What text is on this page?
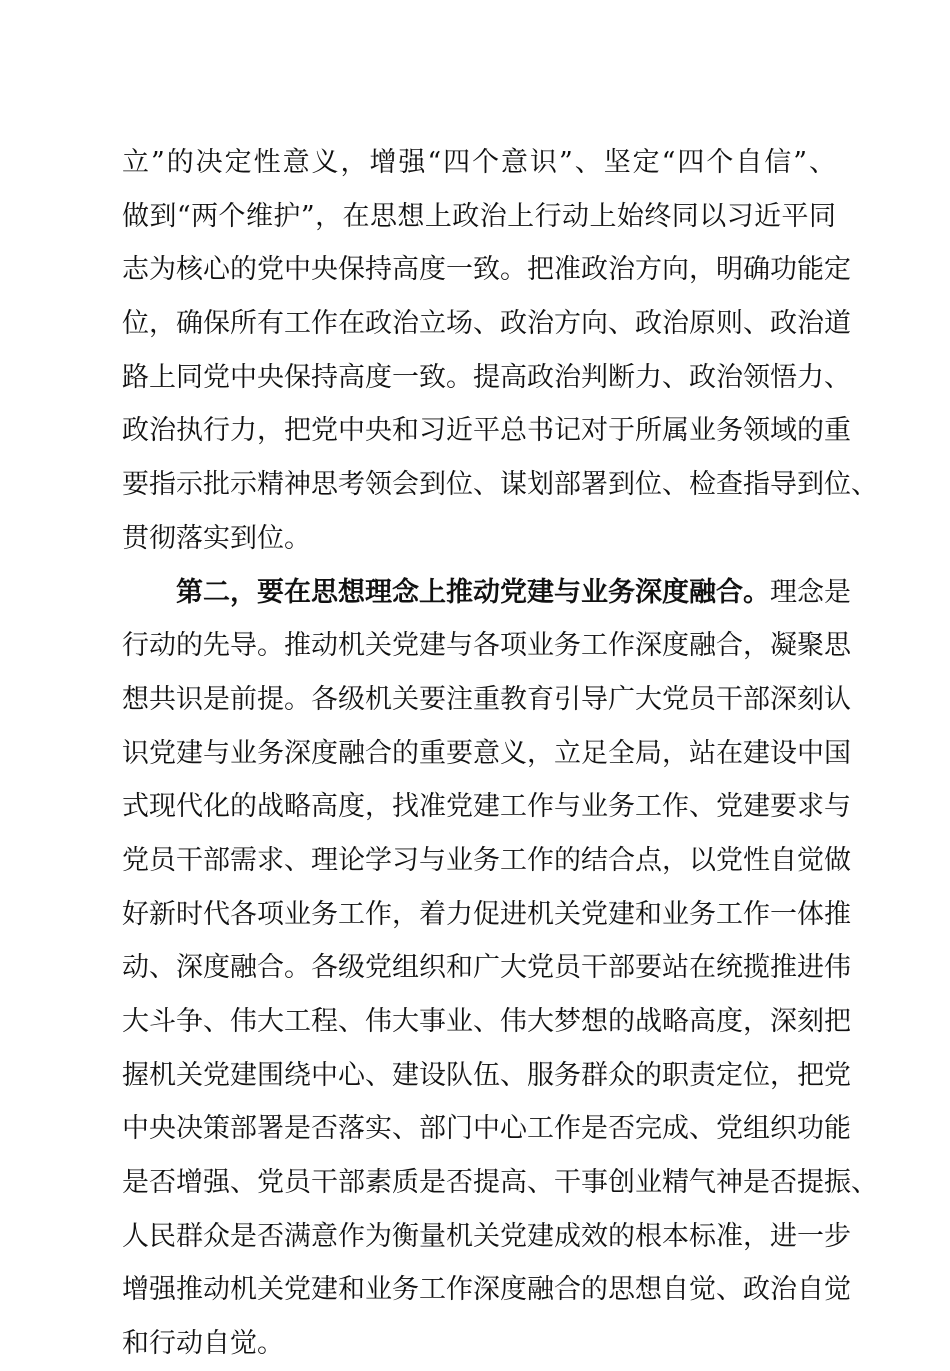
立”的决定性意义，增强“四个意识”、坚定“四个自信”、
做到“两个维护”，在思想上政治上行动上始终同以习近平同
志为核心的党中央保持高度一致。把准政治方向，明确功能定
位，确保所有工作在政治立场、政治方向、政治原则、政治道
路上同党中央保持高度一致。提高政治判断力、政治领悟力、
政治执行力，把党中央和习近平总书记对于所属业务领域的重
要指示批示精神思考领会到位、谋划部署到位、检查指导到位、
贯彻落实到位。
第二，要在思想理念上推动党建与业务深度融合。理念是
行动的先导。推动机关党建与各项业务工作深度融合，凝聚思
想共识是前提。各级机关要注重教育引导广大党员干部深刻认
识党建与业务深度融合的重要意义，立足全局，站在建设中国
式现代化的战略高度，找准党建工作与业务工作、党建要求与
党员干部需求、理论学习与业务工作的结合点，以党性自觉做
好新时代各项业务工作，着力促进机关党建和业务工作一体推
动、深度融合。各级党组织和广大党员干部要站在统揽推进伟
大斗争、伟大工程、伟大事业、伟大梦想的战略高度，深刻把
握机关党建围绕中心、建设队伍、服务群众的职责定位，把党
中央决策部署是否落实、部门中心工作是否完成、党组织功能
是否增强、党员干部素质是否提高、干事创业精气神是否提振、
人民群众是否满意作为衡量机关党建成效的根本标准，进一步
增强推动机关党建和业务工作深度融合的思想自觉、政治自觉
和行动自觉。
